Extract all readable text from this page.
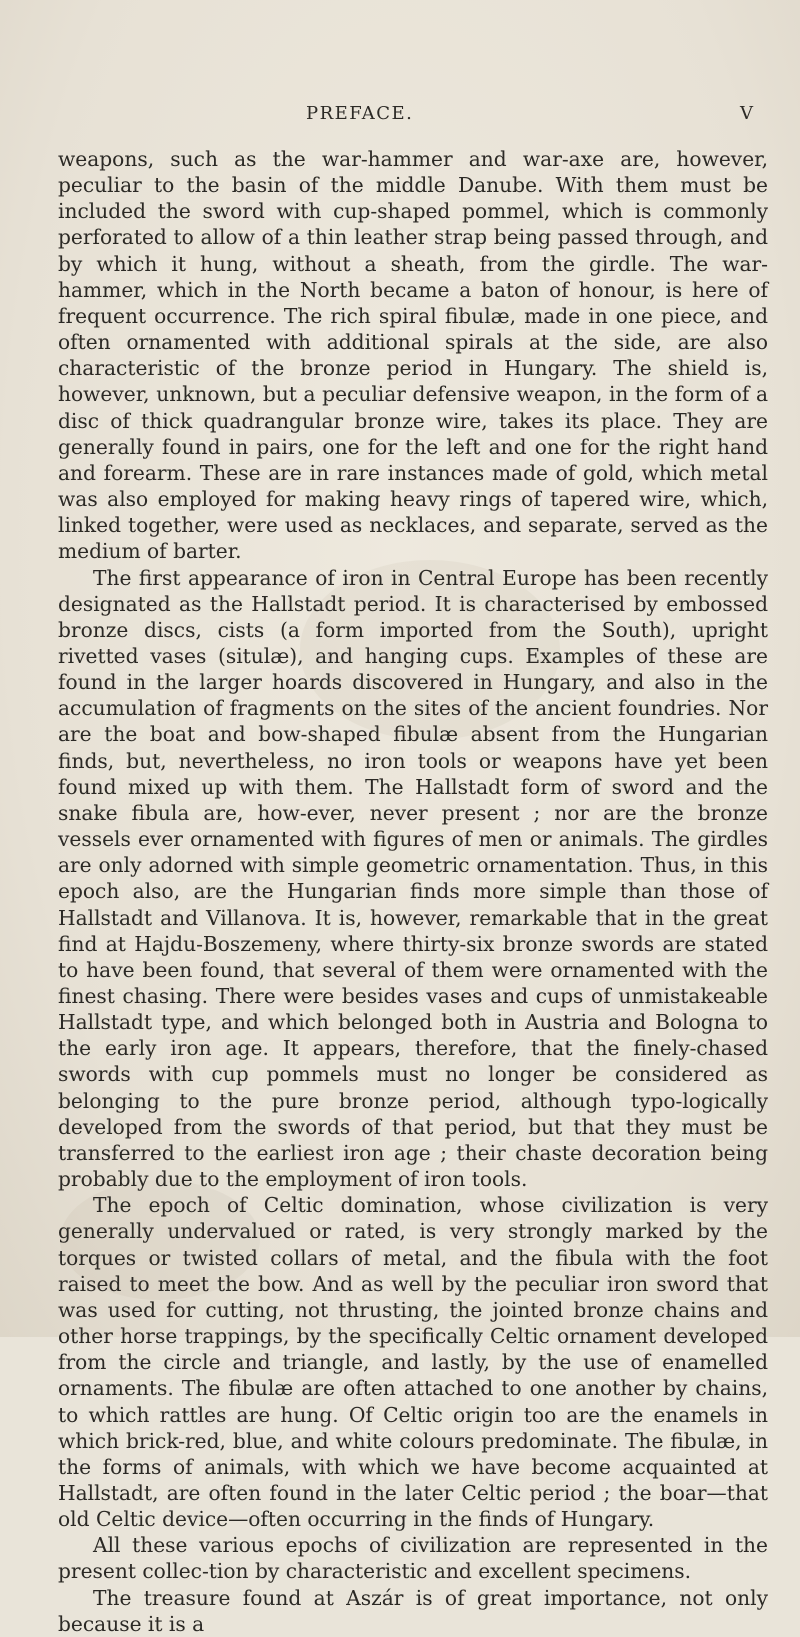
PREFACE.	V

weapons, such as the war-hammer and war-axe are, however, peculiar to the basin of the middle Danube. With them must be included the sword with cup-shaped pommel, which is commonly perforated to allow of a thin leather strap being passed through, and by which it hung, without a sheath, from the girdle. The war-hammer, which in the North became a baton of honour, is here of frequent occurrence. The rich spiral fibulæ, made in one piece, and often ornamented with additional spirals at the side, are also characteristic of the bronze period in Hungary. The shield is, however, unknown, but a peculiar defensive weapon, in the form of a disc of thick quadrangular bronze wire, takes its place. They are generally found in pairs, one for the left and one for the right hand and forearm. These are in rare instances made of gold, which metal was also employed for making heavy rings of tapered wire, which, linked together, were used as necklaces, and separate, served as the medium of barter.

The first appearance of iron in Central Europe has been recently designated as the Hallstadt period. It is characterised by embossed bronze discs, cists (a form imported from the South), upright rivetted vases (situlæ), and hanging cups. Examples of these are found in the larger hoards discovered in Hungary, and also in the accumulation of fragments on the sites of the ancient foundries. Nor are the boat and bow-shaped fibulæ absent from the Hungarian finds, but, nevertheless, no iron tools or weapons have yet been found mixed up with them. The Hallstadt form of sword and the snake fibula are, how-ever, never present ; nor are the bronze vessels ever ornamented with figures of men or animals. The girdles are only adorned with simple geometric ornamentation. Thus, in this epoch also, are the Hungarian finds more simple than those of Hallstadt and Villanova. It is, however, remarkable that in the great find at Hajdu-Boszemeny, where thirty-six bronze swords are stated to have been found, that several of them were ornamented with the finest chasing. There were besides vases and cups of unmistakeable Hallstadt type, and which belonged both in Austria and Bologna to the early iron age. It appears, therefore, that the finely-chased swords with cup pommels must no longer be considered as belonging to the pure bronze period, although typo-logically developed from the swords of that period, but that they must be transferred to the earliest iron age ; their chaste decoration being probably due to the employment of iron tools.

The epoch of Celtic domination, whose civilization is very generally undervalued or rated, is very strongly marked by the torques or twisted collars of metal, and the fibula with the foot raised to meet the bow. And as well by the peculiar iron sword that was used for cutting, not thrusting, the jointed bronze chains and other horse trappings, by the specifically Celtic ornament developed from the circle and triangle, and lastly, by the use of enamelled ornaments. The fibulæ are often attached to one another by chains, to which rattles are hung. Of Celtic origin too are the enamels in which brick-red, blue, and white colours predominate. The fibulæ, in the forms of animals, with which we have become acquainted at Hallstadt, are often found in the later Celtic period ; the boar—that old Celtic device—often occurring in the finds of Hungary.

All these various epochs of civilization are represented in the present collec-tion by characteristic and excellent specimens.

The treasure found at Aszár is of great importance, not only because it is a
